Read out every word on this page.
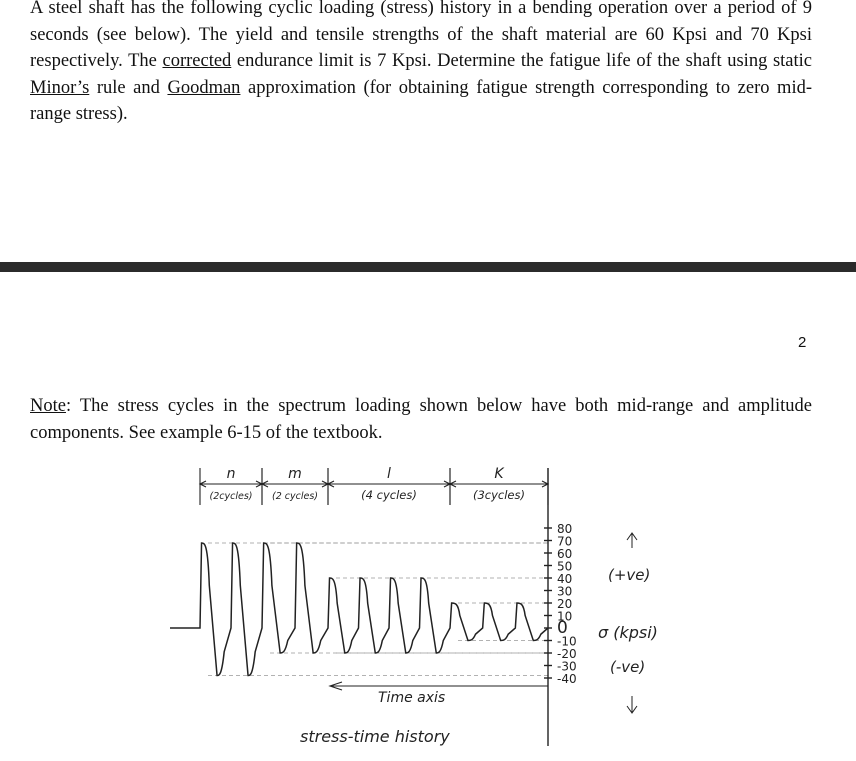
A steel shaft has the following cyclic loading (stress) history in a bending operation over a period of 9 seconds (see below). The yield and tensile strengths of the shaft material are 60 Kpsi and 70 Kpsi respectively. The corrected endurance limit is 7 Kpsi. Determine the fatigue life of the shaft using static Minor’s rule and Goodman approximation (for obtaining fatigue strength corresponding to zero mid-range stress).

2

Note: The stress cycles in the spectrum loading shown below have both mid-range and amplitude components. See example 6-15 of the textbook.

n
(2cycles)
m
(2 cycles)
l
(4 cycles)
K
(3cycles)
Time axis
stress-time history
80
70
60
50
40
30
20
10
0
-10
-20
-30
-40
(+ve)
σ (kpsi)
(-ve)
